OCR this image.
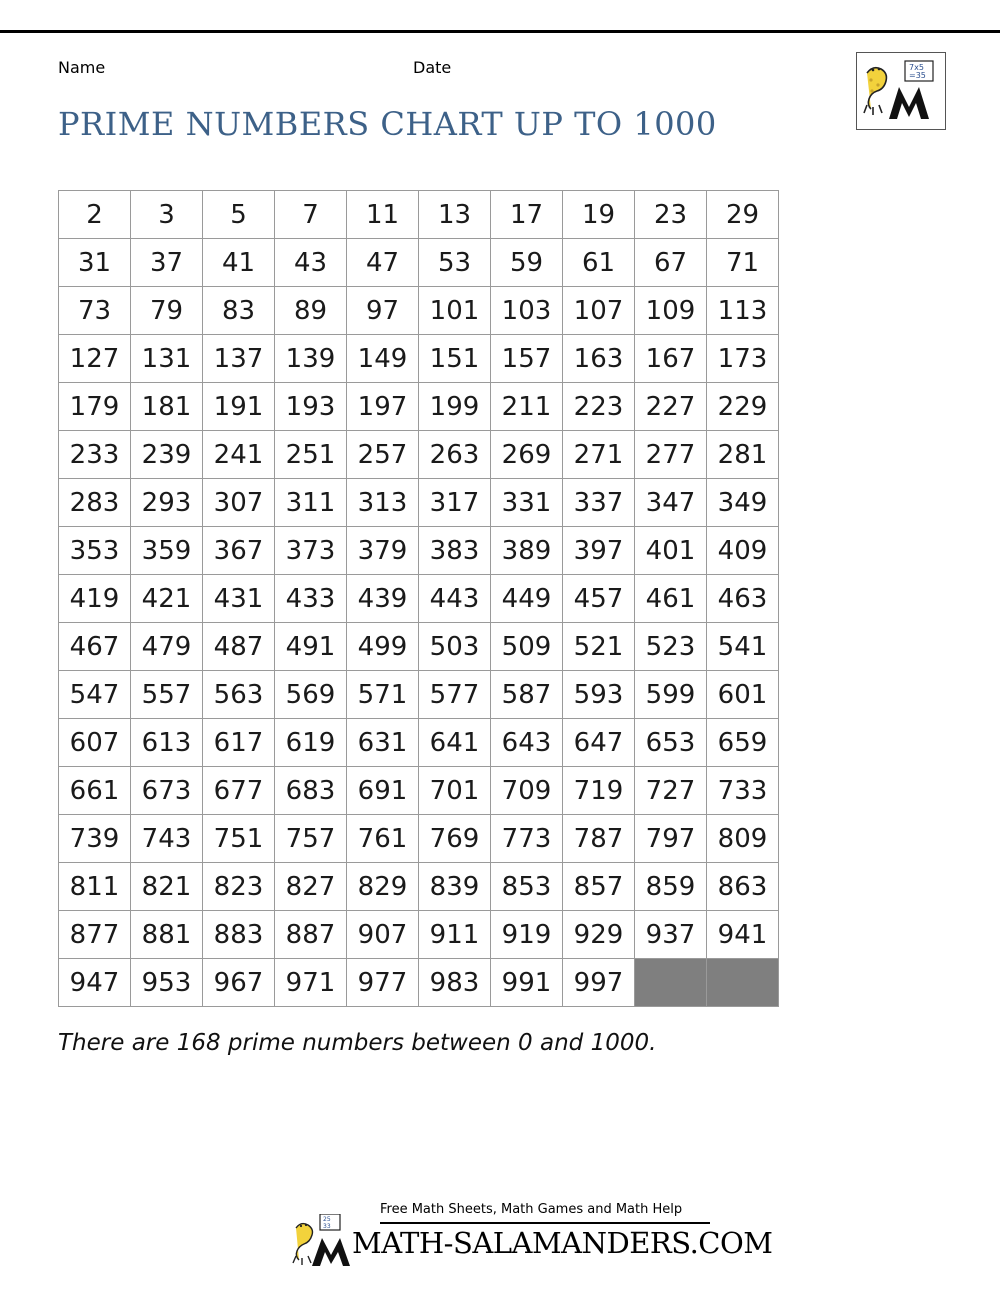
Name	Date
PRIME NUMBERS CHART UP TO 1000
7x5
=35
2	3	5	7	11	13	17	19	23	29
31	37	41	43	47	53	59	61	67	71
73	79	83	89	97	101	103	107	109	113
127	131	137	139	149	151	157	163	167	173
179	181	191	193	197	199	211	223	227	229
233	239	241	251	257	263	269	271	277	281
283	293	307	311	313	317	331	337	347	349
353	359	367	373	379	383	389	397	401	409
419	421	431	433	439	443	449	457	461	463
467	479	487	491	499	503	509	521	523	541
547	557	563	569	571	577	587	593	599	601
607	613	617	619	631	641	643	647	653	659
661	673	677	683	691	701	709	719	727	733
739	743	751	757	761	769	773	787	797	809
811	821	823	827	829	839	853	857	859	863
877	881	883	887	907	911	919	929	937	941
947	953	967	971	977	983	991	997		
There are 168 prime numbers between 0 and 1000.
25
33
Free Math Sheets, Math Games and Math Help
MATH-SALAMANDERS.COM
